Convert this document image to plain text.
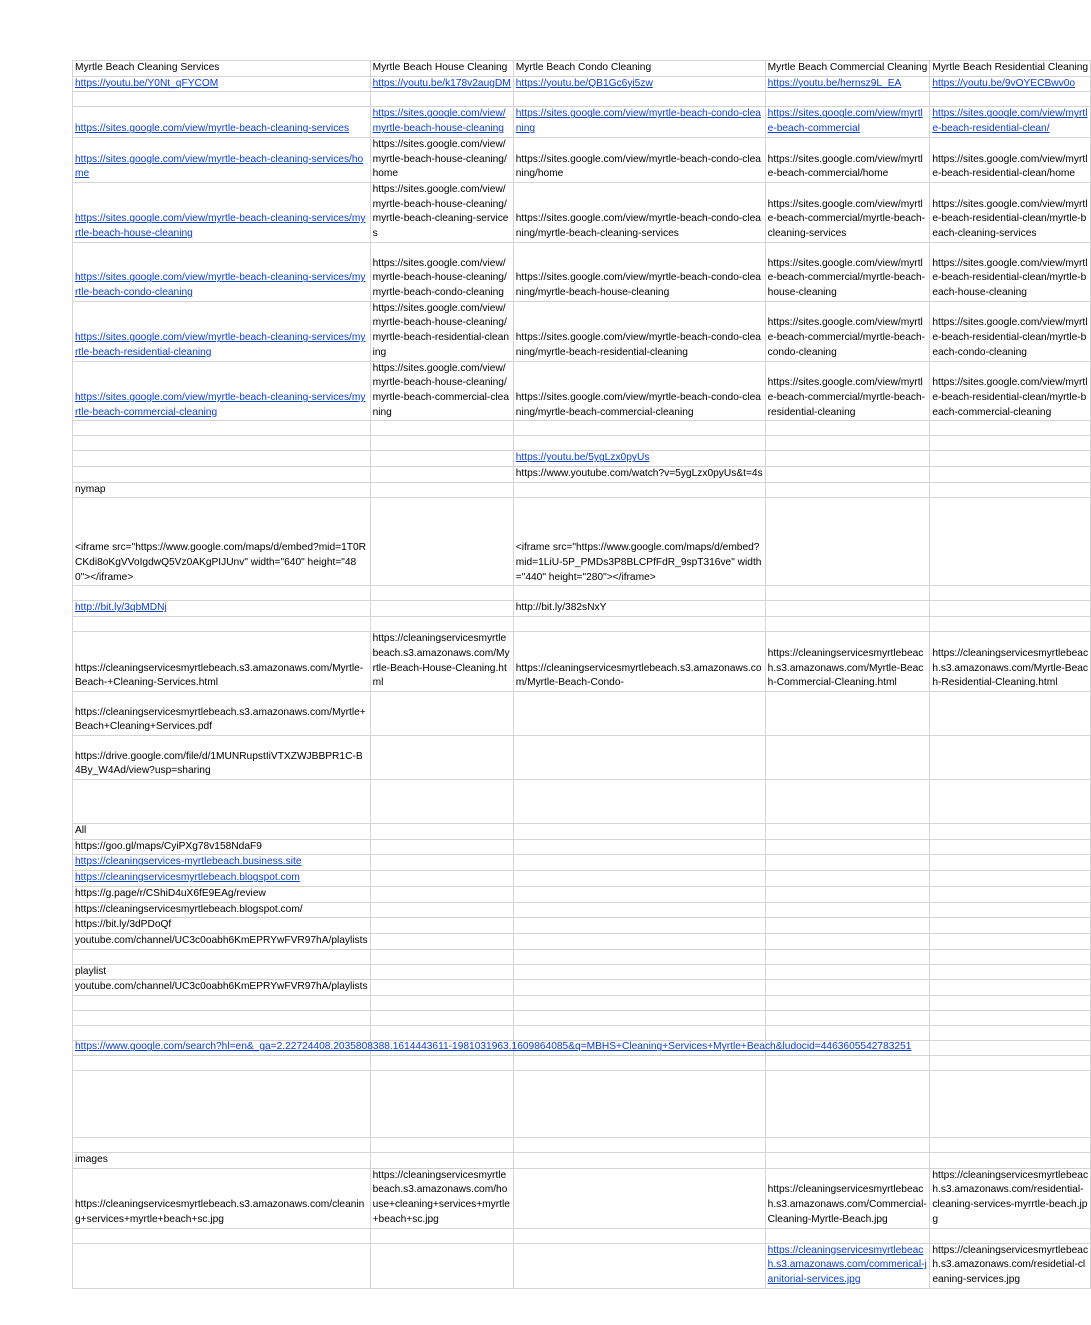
Myrtle Beach Cleaning Services	Myrtle Beach House Cleaning	Myrtle Beach Condo Cleaning	Myrtle Beach Commercial Cleaning	Myrtle Beach Residential Cleaning
https://youtu.be/Y0Nt_qFYCOM	https://youtu.be/k178v2augDM	https://youtu.be/QB1Gc6yi5zw	https://youtu.be/hernsz9L_EA	https://youtu.be/9vOYECBwv0o

https://sites.google.com/view/myrtle-beach-cleaning-services	https://sites.google.com/view/myrtle-beach-house-cleaning	https://sites.google.com/view/myrtle-beach-condo-cleaning	https://sites.google.com/view/myrtle-beach-commercial	https://sites.google.com/view/myrtle-beach-residential-clean/
https://sites.google.com/view/myrtle-beach-cleaning-services/home	https://sites.google.com/view/myrtle-beach-house-cleaning/home	https://sites.google.com/view/myrtle-beach-condo-cleaning/home	https://sites.google.com/view/myrtle-beach-commercial/home	https://sites.google.com/view/myrtle-beach-residential-clean/home
https://sites.google.com/view/myrtle-beach-cleaning-services/myrtle-beach-house-cleaning	https://sites.google.com/view/myrtle-beach-house-cleaning/myrtle-beach-cleaning-services	https://sites.google.com/view/myrtle-beach-condo-cleaning/myrtle-beach-cleaning-services	https://sites.google.com/view/myrtle-beach-commercial/myrtle-beach-cleaning-services	https://sites.google.com/view/myrtle-beach-residential-clean/myrtle-beach-cleaning-services
https://sites.google.com/view/myrtle-beach-cleaning-services/myrtle-beach-condo-cleaning	https://sites.google.com/view/myrtle-beach-house-cleaning/myrtle-beach-condo-cleaning	https://sites.google.com/view/myrtle-beach-condo-cleaning/myrtle-beach-house-cleaning	https://sites.google.com/view/myrtle-beach-commercial/myrtle-beach-house-cleaning	https://sites.google.com/view/myrtle-beach-residential-clean/myrtle-beach-house-cleaning
https://sites.google.com/view/myrtle-beach-cleaning-services/myrtle-beach-residential-cleaning	https://sites.google.com/view/myrtle-beach-house-cleaning/myrtle-beach-residential-cleaning	https://sites.google.com/view/myrtle-beach-condo-cleaning/myrtle-beach-residential-cleaning	https://sites.google.com/view/myrtle-beach-commercial/myrtle-beach-condo-cleaning	https://sites.google.com/view/myrtle-beach-residential-clean/myrtle-beach-condo-cleaning
https://sites.google.com/view/myrtle-beach-cleaning-services/myrtle-beach-commercial-cleaning	https://sites.google.com/view/myrtle-beach-house-cleaning/myrtle-beach-commercial-cleaning	https://sites.google.com/view/myrtle-beach-condo-cleaning/myrtle-beach-commercial-cleaning	https://sites.google.com/view/myrtle-beach-commercial/myrtle-beach-residential-cleaning	https://sites.google.com/view/myrtle-beach-residential-clean/myrtle-beach-commercial-cleaning

		https://youtu.be/5ygLzx0pyUs		
		https://www.youtube.com/watch?v=5ygLzx0pyUs&t=4s		
nymap				
<iframe src="https://www.google.com/maps/d/embed?mid=1T0RCKdi8oKgVVoIgdwQ5Vz0AKgPIJUnv" width="640" height="480"></iframe>		<iframe src="https://www.google.com/maps/d/embed?mid=1LiU-5P_PMDs3P8BLCPfFdR_9spT316ve" width="440" height="280"></iframe>		

http://bit.ly/3qbMDNj		http://bit.ly/382sNxY		

https://cleaningservicesmyrtlebeach.s3.amazonaws.com/Myrtle-Beach-+Cleaning-Services.html	https://cleaningservicesmyrtlebeach.s3.amazonaws.com/Myrtle-Beach-House-Cleaning.html	https://cleaningservicesmyrtlebeach.s3.amazonaws.com/Myrtle-Beach-Condo-	https://cleaningservicesmyrtlebeach.s3.amazonaws.com/Myrtle-Beach-Commercial-Cleaning.html	https://cleaningservicesmyrtlebeach.s3.amazonaws.com/Myrtle-Beach-Residential-Cleaning.html
https://cleaningservicesmyrtlebeach.s3.amazonaws.com/Myrtle+Beach+Cleaning+Services.pdf				
https://drive.google.com/file/d/1MUNRupstIiVTXZWJBBPR1C-B4By_W4Ad/view?usp=sharing				

All				
https://goo.gl/maps/CyiPXg78v158NdaF9				
https://cleaningservices-myrtlebeach.business.site				
https://cleaningservicesmyrtlebeach.blogspot.com				
https://g.page/r/CShiD4uX6fE9EAg/review				
https://cleaningservicesmyrtlebeach.blogspot.com/				
https://bit.ly/3dPDoQf				
youtube.com/channel/UC3c0oabh6KmEPRYwFVR97hA/playlists				

playlist				
youtube.com/channel/UC3c0oabh6KmEPRYwFVR97hA/playlists				

https://www.google.com/search?hl=en&_ga=2.22724408.2035808388.1614443611-1981031963.1609864085&q=MBHS+Cleaning+Services+Myrtle+Beach&ludocid=4463605542783251				

images				
https://cleaningservicesmyrtlebeach.s3.amazonaws.com/cleaning+services+myrtle+beach+sc.jpg	https://cleaningservicesmyrtlebeach.s3.amazonaws.com/house+cleaning+services+myrtle+beach+sc.jpg		https://cleaningservicesmyrtlebeach.s3.amazonaws.com/Commercial-Cleaning-Myrtle-Beach.jpg	https://cleaningservicesmyrtlebeach.s3.amazonaws.com/residential-cleaning-services-myrrtle-beach.jpg

			https://cleaningservicesmyrtlebeach.s3.amazonaws.com/commerical-janitorial-services.jpg	https://cleaningservicesmyrtlebeach.s3.amazonaws.com/residetial-cleaning-services.jpg
